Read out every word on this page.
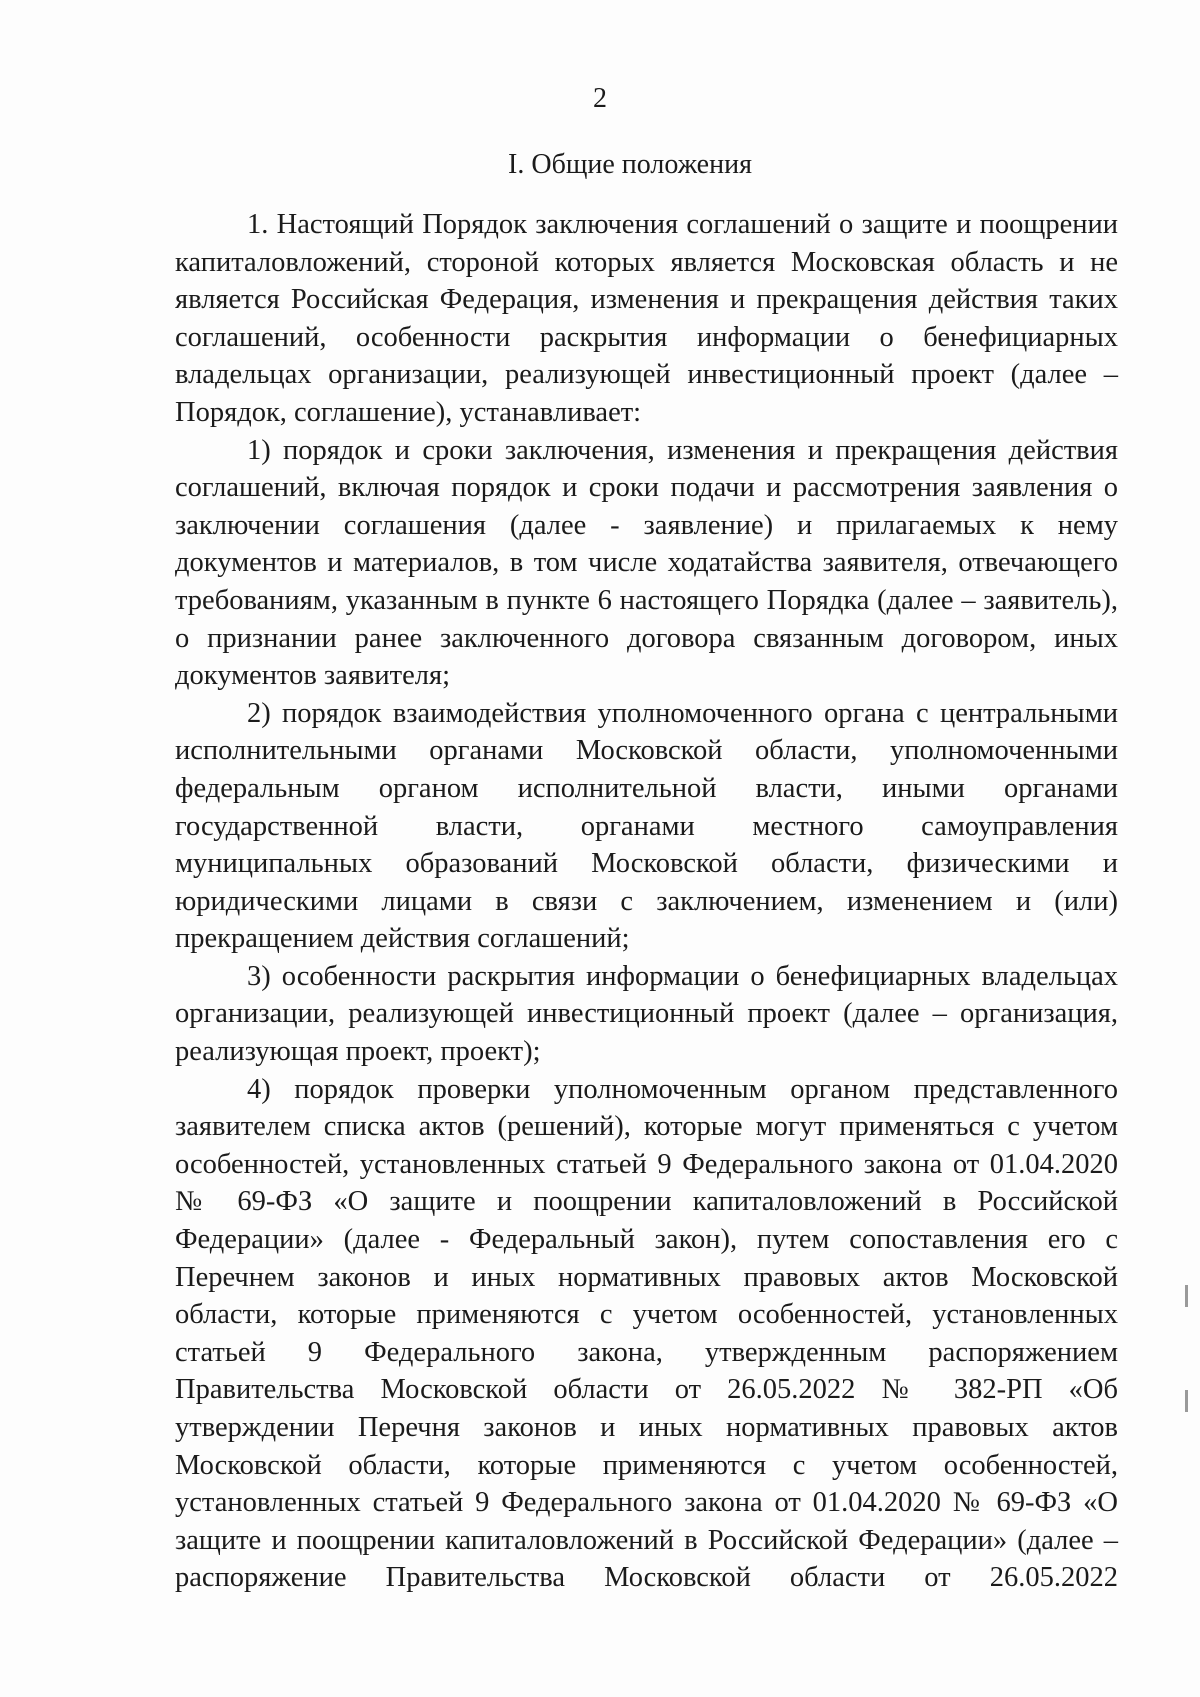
2
I. Общие положения

1. Настоящий Порядок заключения соглашений о защите и поощрении капиталовложений, стороной которых является Московская область и не является Российская Федерация, изменения и прекращения действия таких соглашений, особенности раскрытия информации о бенефициарных владельцах организации, реализующей инвестиционный проект (далее – Порядок, соглашение), устанавливает:

1) порядок и сроки заключения, изменения и прекращения действия соглашений, включая порядок и сроки подачи и рассмотрения заявления о заключении соглашения (далее - заявление) и прилагаемых к нему документов и материалов, в том числе ходатайства заявителя, отвечающего требованиям, указанным в пункте 6 настоящего Порядка (далее – заявитель), о признании ранее заключенного договора связанным договором, иных документов заявителя;

2) порядок взаимодействия уполномоченного органа с центральными исполнительными органами Московской области, уполномоченными федеральным органом исполнительной власти, иными органами государственной власти, органами местного самоуправления муниципальных образований Московской области, физическими и юридическими лицами в связи с заключением, изменением и (или) прекращением действия соглашений;

3) особенности раскрытия информации о бенефициарных владельцах организации, реализующей инвестиционный проект (далее – организация, реализующая проект, проект);

4) порядок проверки уполномоченным органом представленного заявителем списка актов (решений), которые могут применяться с учетом особенностей, установленных статьей 9 Федерального закона от 01.04.2020 № 69-ФЗ «О защите и поощрении капиталовложений в Российской Федерации» (далее - Федеральный закон), путем сопоставления его с Перечнем законов и иных нормативных правовых актов Московской области, которые применяются с учетом особенностей, установленных статьей 9 Федерального закона, утвержденным распоряжением Правительства Московской области от 26.05.2022 № 382-РП «Об утверждении Перечня законов и иных нормативных правовых актов Московской области, которые применяются с учетом особенностей, установленных статьей 9 Федерального закона от 01.04.2020 № 69-ФЗ «О защите и поощрении капиталовложений в Российской Федерации» (далее – распоряжение Правительства Московской области от 26.05.2022
